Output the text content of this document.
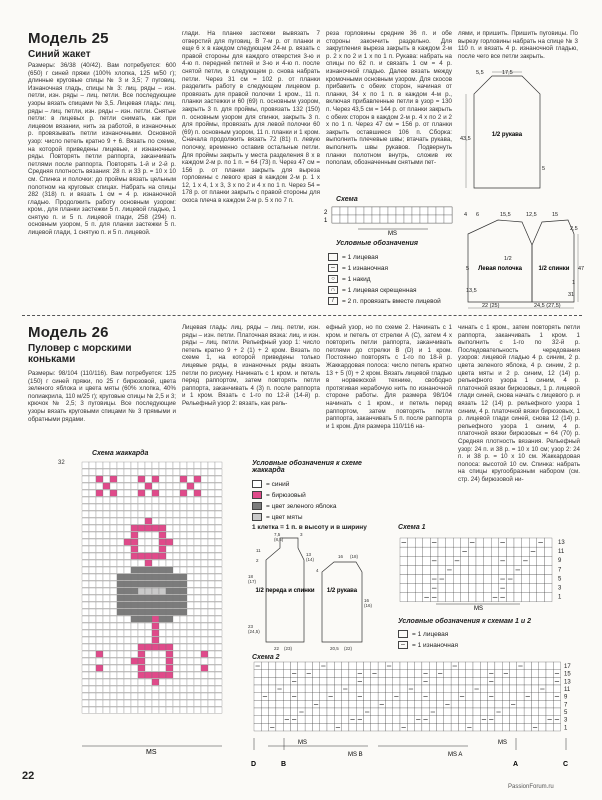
Модель 25
Синий жакет
Размеры: 36/38 (40/42). Вам потребуется: 600 (650) г синей пряжи (100% хлопка, 125 м/50 г); длинные круговые спицы № 3 и 3,5; 7 пуговиц. Изнаночная гладь, спицы № 3: лиц. ряды – изн. петли, изн. ряды – лиц. петли. Все последующие узоры вязать спицами № 3,5. Лицевая гладь: лиц. ряды – лиц. петли, изн. ряды – изн. петли. Снятые петли: в лицевых р. петли снимать, как при лицевом вязании, нить за работой, в изнаночных р. провязывать петли изнаночными. Основной узор: число петель кратно 9 + 6. Вязать по схеме, на которой приведены лицевые, и изнаночные ряды. Повторять петли раппорта, заканчивать петлями после раппорта. Повторять 1-й и 2-й р. Средняя плотность вязания: 28 п. и 33 р. = 10 х 10 см. Спинка и полочки: до проймы вязать цельным полотном на круговых спицах. Набрать на спицы 282 (318) п. и вязать 1 см = 4 р. изнаночной гладью. Продолжить работу основным узором: кром., для планки застежки 5 п. лицевой гладью, 1 снятую п. и 5 п. лицевой глади, 258 (294) п. основным узором, 5 п. для планки застежки 5 п. лицевой глади, 1 снятую п. и 5 п. лицевой.
глади. На планке застежки вывязать 7 отверстий для пуговиц. В 7-м р. от планки и еще 6 х в каждом следующем 24-м р. вязать с правой стороны для каждого отверстия 3-ю и 4-ю п. передней петлей и 3-ю и 4-ю п. после снятой петли, в следующем р. снова набрать петли. Через 31 см = 102 р. от планки разделить работу в следующем лицевом р. провязать для правой полочки 1 кром., 11 п. планки застежки и 60 (69) п. основным узором, закрыть 3 п. для проймы, провязать 132 (150) п. основным узором для спинки, закрыть 3 п. для проймы, провязать для левой полочки 60 (69) п. основным узором, 11 п. планки и 1 кром. Сначала продолжить вязать 72 (81) п. левую полочку, временно оставив остальные петли. Для проймы закрыть у места разделения 8 х в каждом 2-м р. по 1 п. = 64 (73) п. Через 47 см = 156 р. от планки закрыть для выреза горловины с левого края в каждом 2-м р. 1 х 12, 1 х 4, 1 х 3, 3 х по 2 и 4 х по 1 п. Через 54 = 178 р. от планки закрыть с правой стороны для скоса плеча в каждом 2-м р. 5 х по 7 п.
реза горловины средние 36 п. и обе стороны закончить раздельно. Для закругления выреза закрыть в каждом 2-м р. 2 х по 2 и 1 х по 1 п. Рукава: набрать на спицы по 62 п. и связать 1 см = 4 р. изнаночной гладью. Далее вязать между кромочными основным узором. Для скосов прибавить с обеих сторон, начиная от планки, 34 х по 1 п. в каждом 4-м р., включая прибавленные петли в узор = 130 п. Через 43,5 см = 144 р. от планки закрыть с обеих сторон в каждом 2-м р. 4 х по 2 и 2 х по 1 п. Через 47 см = 156 р. от планки закрыть оставшиеся 106 п. Сборка: выполнить плечевые швы; втачать рукава, выполнить швы рукавов. Подвернуть планки полотном внутрь, сложив их пополам, обозначенным снятыми пет-
лями, и пришить. Пришить пуговицы. По вырезу горловины набрать на спице № 3 110 п. и вязать 4 р. изнаночной гладью, после чего все петли закрыть.
Схема
2
1
MS
Условные обозначения
= 1 лицевая
–	= 1 изнаночная
○	= 1 накид
∩	= 1 лицевая скрещенная
/	= 2 п. провязать вместе лицевой
5,5	17,5
43,5
5
1/2
4 6	15,5	12,5	15
2,5
47
1
31
22 (25)	24,5 (27,5)
13,5
5
1/2 рукава
Левая полочка	1/2 спинки
Модель 26
Пуловер с морскими коньками
Размеры: 98/104 (110/116). Вам потребуется: 125 (150) г синей пряжи, по 25 г бирюзовой, цвета зеленого яблока и цвета мяты (60% хлопка, 40% полиакрила, 110 м/25 г); круговые спицы № 2,5 и 3; крючок № 2,5; 3 пуговицы. Все последующие узоры вязать круговыми спицами № 3 прямыми и обратными рядами.
Лицевая гладь: лиц. ряды – лиц. петли, изн. ряды – изн. петли. Платочная вязка: лиц. и изн. ряды – лиц. петли. Рельефный узор 1: число петель кратно 9 + 2 (1) + 2 кром. Вязать по схеме 1, на которой приведены только лицевые ряды, в изнаночных ряды вязать петли по рисунку. Начинать с 1 кром. и петель перед раппортом, затем повторять петли раппорта, заканчивать 4 (3) п. после раппорта и 1 кром. Вязать с 1-го по 12-й (14-й) р. Рельефный узор 2: вязать, как рель-
ефный узор, но по схеме 2. Начинать с 1 кром. и петель от стрелки А (С), затем 4 х повторить петли раппорта, заканчивать петлями до стрелки В (D) и 1 кром. Постоянно повторять с 1-го по 18-й р. Жаккардовая полоса: число петель кратно 13 + 5 (0) + 2 кром. Вязать лицевой гладью в норвежской технике, свободно протягивая нерабочую нить по изнаночной стороне работы. Для размера 98/104 начинать с 1 кром., и петель перед раппортом, затем повторять петли раппорта, заканчивать 5 п. после раппорта и 1 кром. Для размера 110/116 на-
чинать с 1 кром., затем повторять петли раппорта, заканчивать 1 кром. 1 выполнить с 1-го по 32-й р. Последовательность чередования узоров: лицевой гладью 4 р. синим, 2 р. цвета зеленого яблока, 4 р. синим, 2 р. цвета мяты и 2 р. синим, 12 (14) р. рельефного узора 1 синим, 4 р. платочной вязки бирюзовых, 1 р. лицевой глади синей, снова начать с лицевого р. и вязать 12 (14) р. рельефного узора 1 синим, 4 р. платочной вязки бирюзовых, 1 р. лицевой глади синей, снова 12 (14) р. рельефного узора 1 синим, 4 р. платочной вязки бирюзовых = 64 (70) р. Средняя плотность вязания. Рельефный узор: 24 п. и 38 р. = 10 х 10 см; узор 2: 24 п. и 38 р. = 10 х 10 см. Жаккардовая полоса: высотой 10 см. Спинка: набрать на спицы кругообразным набором (см. стр. 24) бирюзовой ни-
Схема жаккарда
32
MS
Условные обозначения к схеме жаккарда
= синий
= бирюзовый
= цвет зеленого яблока
= цвет мяты
1 клетка = 1 п. в высоту и в ширину
1/2 переда и спинки 1/2 рукава
7,5
(8,5)
3
11
2
18
(17)
13
(14)
4
16
(16)
16 (18)
23
(24,5)
22 (23)	20,5 (22)
Схема 1
13
11
9
7
5
3
1
MS
Условные обозначения к схемам 1 и 2
= 1 лицевая
–	= 1 изнаночная
Схема 2
17
15
13
11
9
7
5
3
1
MS
MS B	MS A
MS
D	B	A	C
22
PassionForum.ru
